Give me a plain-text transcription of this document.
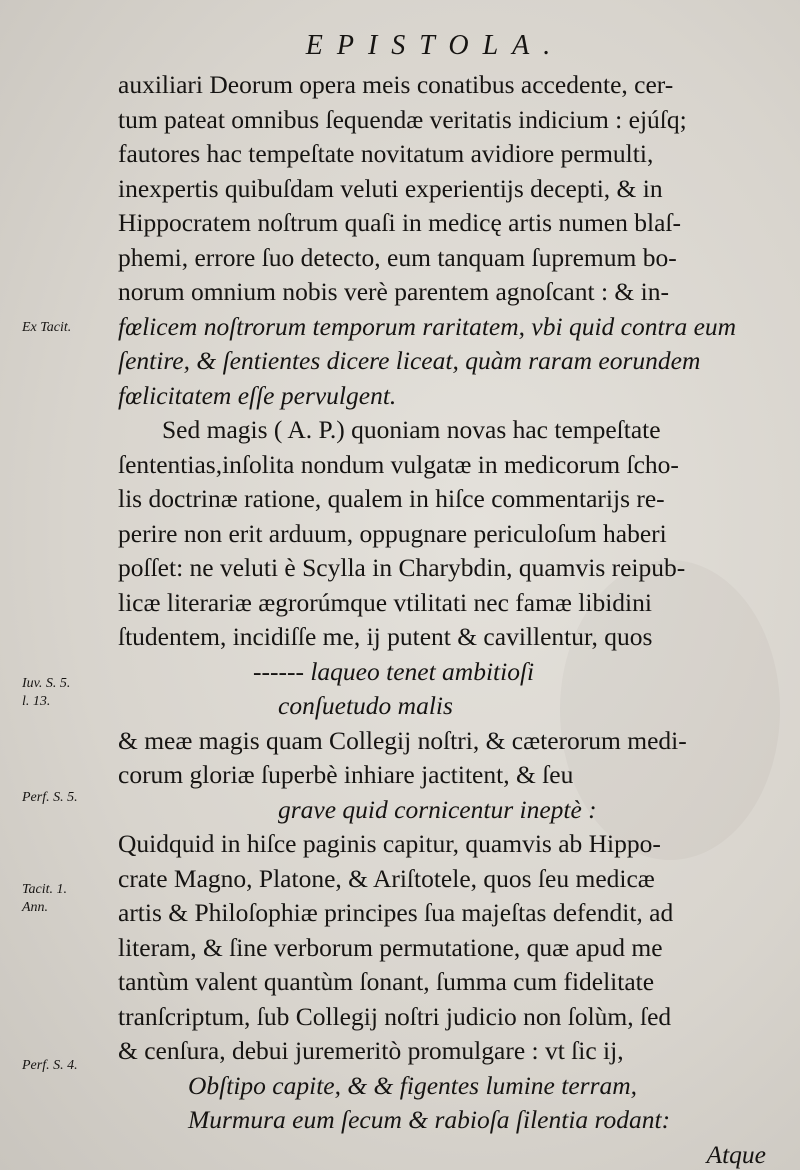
EPISTOLA.
Ex Tacit.
Iuv. S. 5.
l. 13.
Perf. S. 5.
Tacit. 1.
Ann.
Perf. S. 4.
auxiliari Deorum opera meis conatibus accedente, cer-
tum pateat omnibus ſequendæ veritatis indicium : ejúſq;
fautores hac tempeſtate novitatum avidiore permulti,
inexpertis quibuſdam veluti experientijs decepti, & in
Hippocratem noſtrum quaſi in medicę artis numen blaſ-
phemi, errore ſuo detecto, eum tanquam ſupremum bo-
norum omnium nobis verè parentem agnoſcant : & in-
fœlicem noſtrorum temporum raritatem, vbi quid contra eum
ſentire, & ſentientes dicere liceat, quàm raram eorundem
fœlicitatem eſſe pervulgent.
Sed magis ( A. P.) quoniam novas hac tempeſtate
ſententias,inſolita nondum vulgatæ in medicorum ſcho-
lis doctrinæ ratione, qualem in hiſce commentarijs re-
perire non erit arduum, oppugnare periculoſum haberi
poſſet: ne veluti è Scylla in Charybdin, quamvis reipub-
licæ literariæ ægrorúmque vtilitati nec famæ libidini
ſtudentem, incidiſſe me, ij putent & cavillentur, quos
------ laqueo tenet ambitioſi
conſuetudo malis
& meæ magis quam Collegij noſtri, & cæterorum medi-
corum gloriæ ſuperbè inhiare jactitent, & ſeu
grave quid cornicentur ineptè :
Quidquid in hiſce paginis capitur, quamvis ab Hippo-
crate Magno, Platone, & Ariſtotele, quos ſeu medicæ
artis & Philoſophiæ principes ſua majeſtas defendit, ad
literam, & ſine verborum permutatione, quæ apud me
tantùm valent quantùm ſonant, ſumma cum fidelitate
tranſcriptum, ſub Collegij noſtri judicio non ſolùm, ſed
& cenſura, debui juremeritò promulgare : vt ſic ij,
Obſtipo capite, & & figentes lumine terram,
Murmura eum ſecum & rabioſa ſilentia rodant:
Atque
